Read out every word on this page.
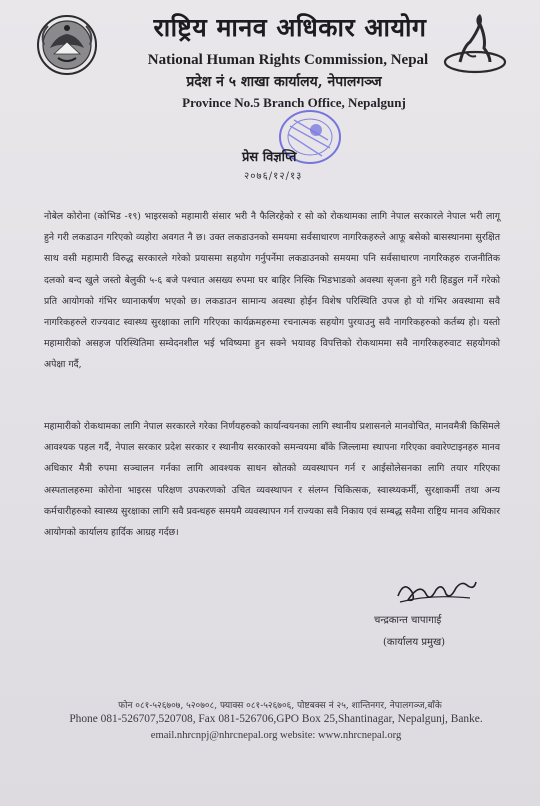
राष्ट्रिय मानव अधिकार आयोग
National Human Rights Commission, Nepal
प्रदेश नं ५ शाखा कार्यालय, नेपालगञ्ज
Province No.5 Branch Office, Nepalgunj
प्रेस विज्ञप्ति
२०७६/१२/१३
नोबेल कोरोना (कोभिड -१९) भाइरसको महामारी संसार भरी नै फैलिरहेको र सो को रोकथामका लागि नेपाल सरकारले नेपाल भरी लागू हुने गरी लकडाउन गरिएको व्यहोरा अवगत नै छ। उक्त लकडाउनको समयमा सर्वसाधारण नागरिकहरुले आफू बसेको बासस्थानमा सुरक्षित साथ वसी महामारी विरुद्ध सरकारले गरेको प्रयासमा सहयोग गर्नुपर्नेमा लकडाउनको समयमा पनि सर्वसाधारण नागरिकहरु राजनीतिक दलको बन्द खुले जस्तो बेलुकी ५-६ बजे पश्चात असख्य रुपमा घर बाहिर निस्कि भिडभाडको अवस्था सृजना हुने गरी हिडडुल गर्ने गरेको प्रति आयोगको गंभिर ध्यानाकर्षण भएको छ। लकडाउन सामान्य अवस्था होईन विशेष परिस्थिति उपज हो यो गंभिर अवस्थामा सवै नागरिकहरुले राज्यवाट स्वास्थ्य सुरक्षाका लागि गरिएका कार्यक्रमहरुमा रचनात्मक सहयोग पुरयाउनु सवै नागरिकहरुको कर्तब्य हो। यस्तो महामारीको असहज परिस्थितिमा सम्वेदनशील भई भविष्यमा हुन सक्ने भयावह विपत्तिको रोकथाममा सवै नागरिकहरुवाट सहयोगको अपेक्षा गर्दै,
महामारीको रोकथामका लागि नेपाल सरकारले गरेका निर्णयहरुको कार्यान्वयनका लागि स्थानीय प्रशासनले मानवोचित, मानवमैत्री किसिमले आवश्यक पहल गर्दै, नेपाल सरकार प्रदेश सरकार र स्थानीय सरकारको समन्वयमा बाँके जिल्लामा स्थापना गरिएका क्वारेण्टाइनहरु मानव अधिकार मैत्री रुपमा सञ्चालन गर्नका लागि आवश्यक साधन स्रोतको व्यवस्थापन गर्न र आईसोलेसनका लागि तयार गरिएका अस्पतालहरुमा कोरोना भाइरस परिक्षण उपकरणको उचित व्यवस्थापन र संलग्न चिकित्सक, स्वास्थ्यकर्मी, सुरक्षाकर्मी तथा अन्य कर्मचारीहरुको स्वास्थ्य सुरक्षाका लागि सवै प्रवन्धहरु समयमै व्यवस्थापन गर्न राज्यका सवै निकाय एवं सम्बद्ध सवैमा राष्ट्रिय मानव अधिकार आयोगको कार्यालय हार्दिक आग्रह गर्दछ।
चन्द्रकान्त चापागाई
(कार्यालय प्रमुख)
फोन ०८१-५२६७०७, ५२०७०८, फ्याक्स ०८१-५२६७०६, पोष्टबक्स नं २५, शान्तिनगर, नेपालगञ्ज,बाँके
Phone 081-526707,520708, Fax 081-526706,GPO Box 25,Shantinagar, Nepalgunj, Banke.
email.nhrcnpj@nhrcnepal.org website: www.nhrcnepal.org
